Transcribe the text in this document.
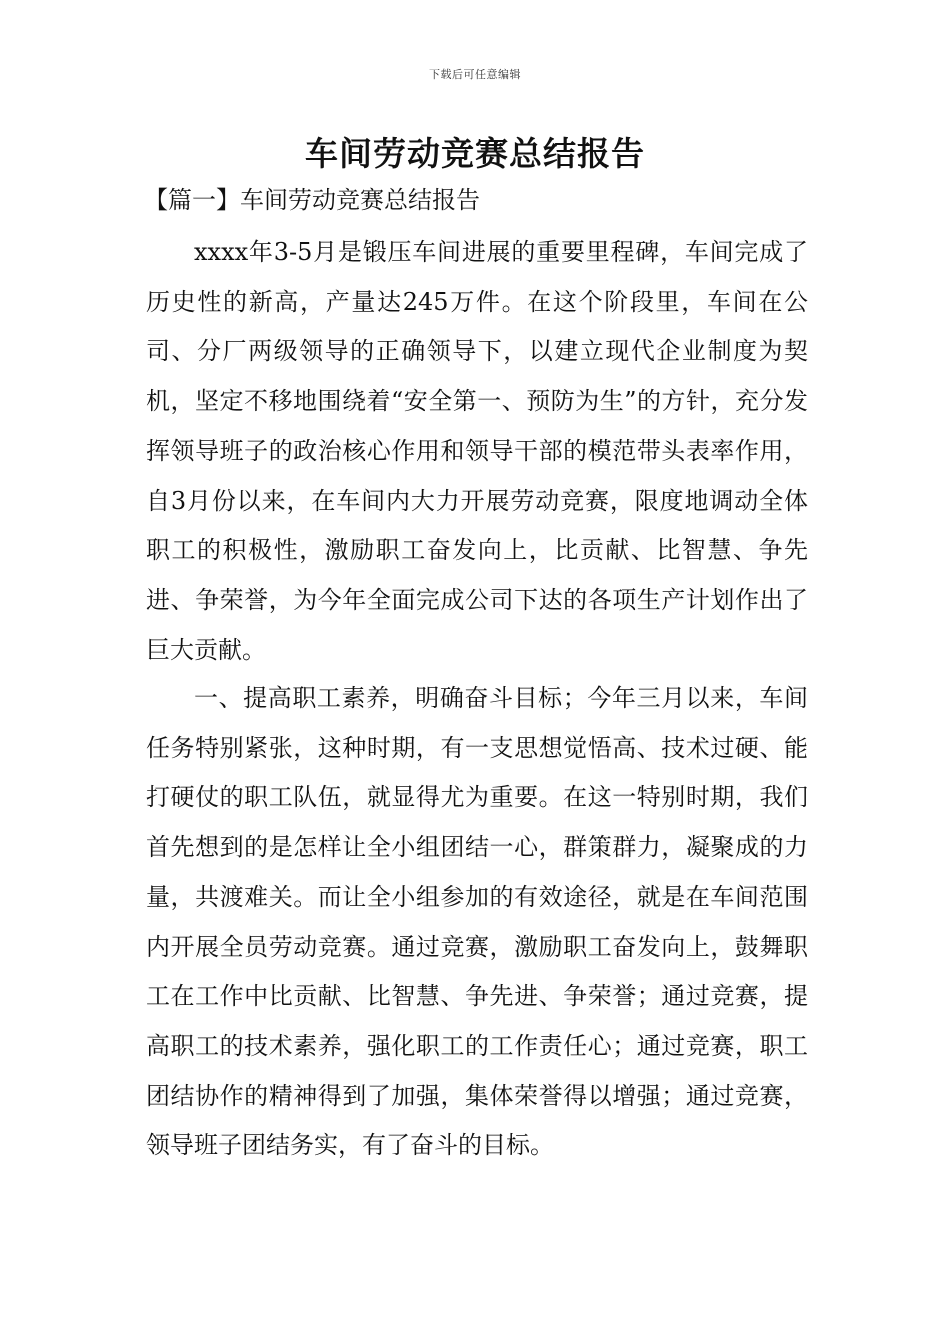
下载后可任意编辑
车间劳动竞赛总结报告

【篇一】车间劳动竞赛总结报告

xxxx年3-5月是锻压车间进展的重要里程碑，车间完成了历史性的新高，产量达245万件。在这个阶段里，车间在公司、分厂两级领导的正确领导下，以建立现代企业制度为契机，坚定不移地围绕着“安全第一、预防为生”的方针，充分发挥领导班子的政治核心作用和领导干部的模范带头表率作用，自3月份以来，在车间内大力开展劳动竞赛，限度地调动全体职工的积极性，激励职工奋发向上，比贡献、比智慧、争先进、争荣誉，为今年全面完成公司下达的各项生产计划作出了巨大贡献。

一、提高职工素养，明确奋斗目标；今年三月以来，车间任务特别紧张，这种时期，有一支思想觉悟高、技术过硬、能打硬仗的职工队伍，就显得尤为重要。在这一特别时期，我们首先想到的是怎样让全小组团结一心，群策群力，凝聚成的力量，共渡难关。而让全小组参加的有效途径，就是在车间范围内开展全员劳动竞赛。通过竞赛，激励职工奋发向上，鼓舞职工在工作中比贡献、比智慧、争先进、争荣誉；通过竞赛，提高职工的技术素养，强化职工的工作责任心；通过竞赛，职工团结协作的精神得到了加强，集体荣誉得以增强；通过竞赛，领导班子团结务实，有了奋斗的目标。
